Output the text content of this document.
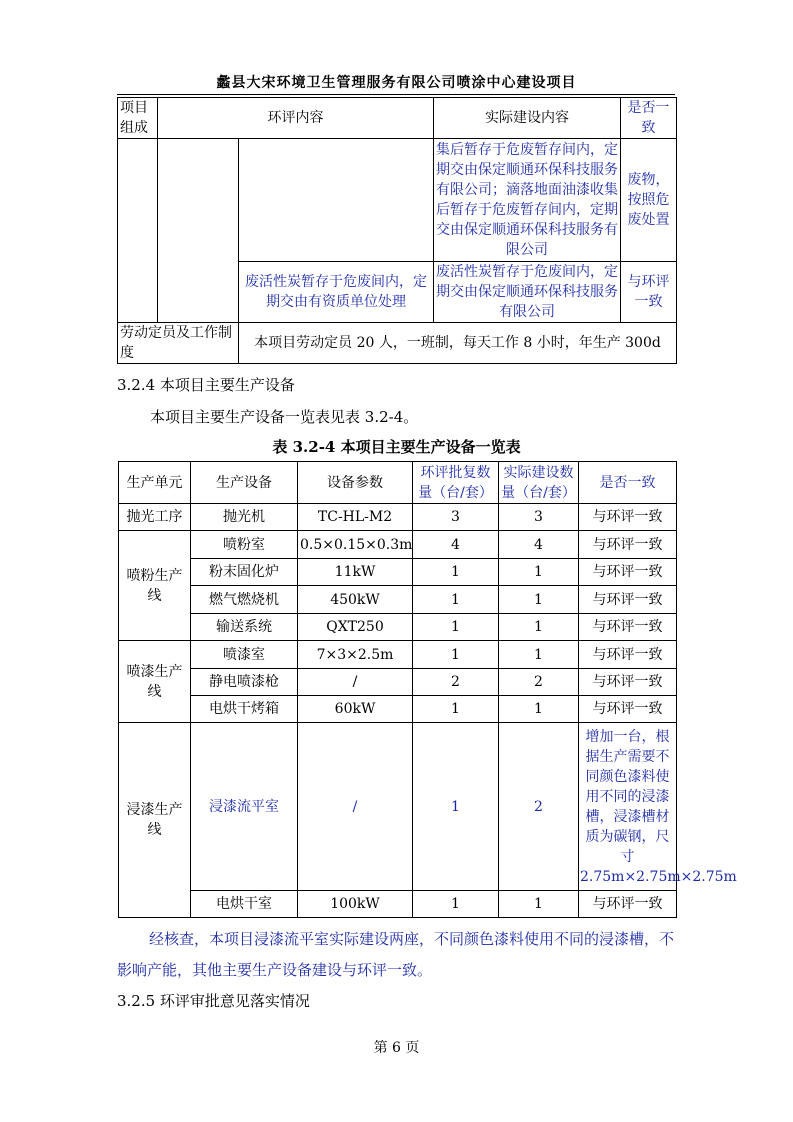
蠡县大宋环境卫生管理服务有限公司喷涂中心建设项目
项目组成	环评内容		实际建设内容	是否一致
			集后暂存于危废暂存间内，定期交由保定顺通环保科技服务有限公司；滴落地面油漆收集后暂存于危废暂存间内，定期交由保定顺通环保科技服务有限公司	废物，按照危废处置
		废活性炭暂存于危废间内，定期交由有资质单位处理	废活性炭暂存于危废间内，定期交由保定顺通环保科技服务有限公司	与环评一致
劳动定员及工作制度		本项目劳动定员 20 人，一班制，每天工作 8 小时，年生产 300d		
3.2.4 本项目主要生产设备
本项目主要生产设备一览表见表 3.2-4。
表 3.2-4 本项目主要生产设备一览表
生产单元	生产设备	设备参数	环评批复数量（台/套）	实际建设数量（台/套）	是否一致
抛光工序	抛光机	TC-HL-M2	3	3	与环评一致
喷粉生产线	喷粉室	0.5×0.15×0.3m	4	4	与环评一致
	粉末固化炉	11kW	1	1	与环评一致
	燃气燃烧机	450kW	1	1	与环评一致
	输送系统	QXT250	1	1	与环评一致
喷漆生产线	喷漆室	7×3×2.5m	1	1	与环评一致
	静电喷漆枪	/	2	2	与环评一致
	电烘干烤箱	60kW	1	1	与环评一致
浸漆生产线	浸漆流平室	/	1	2	增加一台，根据生产需要不同颜色漆料使用不同的浸漆槽，浸漆槽材质为碳钢，尺寸 2.75m×2.75m×2.75m
	电烘干室	100kW	1	1	与环评一致
经核查，本项目浸漆流平室实际建设两座，不同颜色漆料使用不同的浸漆槽，不影响产能，其他主要生产设备建设与环评一致。
3.2.5 环评审批意见落实情况
第 6 页
